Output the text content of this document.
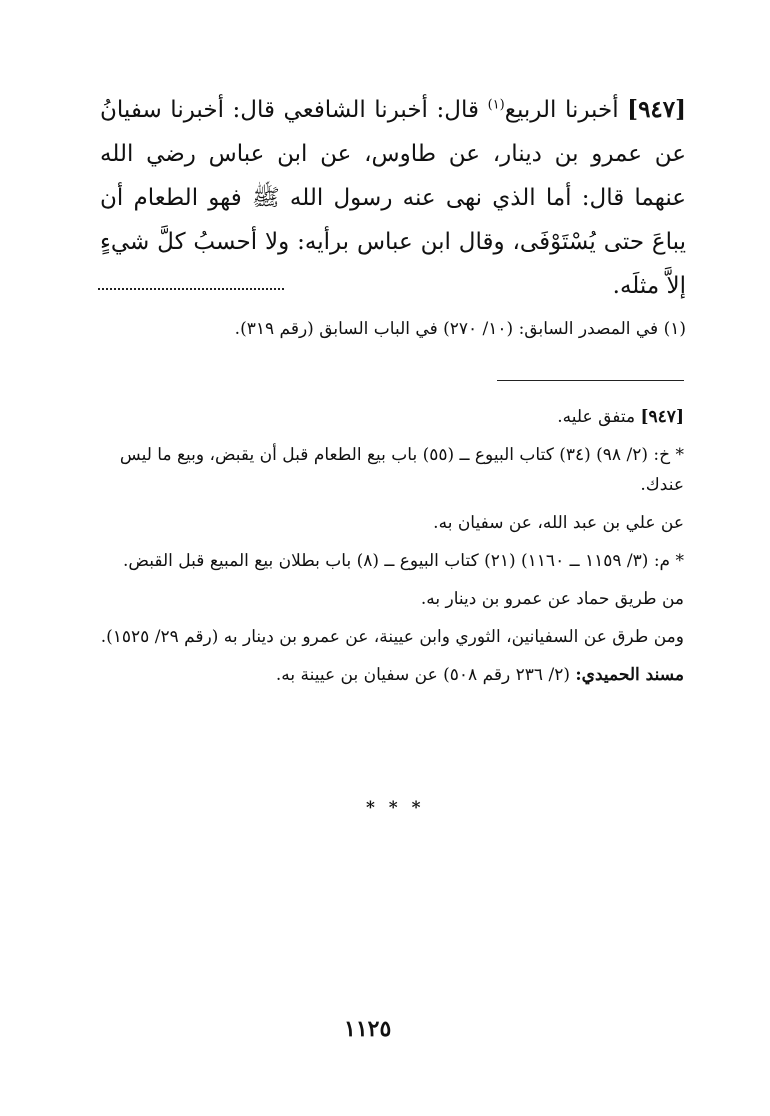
[٩٤٧] أخبرنا الربيع$^{(١)}$ قال: أخبرنا الشافعي قال: أخبرنا سفيانُ عن عمرو بن دينار، عن طاوس، عن ابن عباس رضي الله عنهما قال: أما الذي نهى عنه رسول الله ﷺ فهو الطعام أن يباعَ حتى يُسْتَوْفَى، وقال ابن عباس برأيه: ولا أحسبُ كلَّ شيءٍ إلاَّ مثلَه.

(١) في المصدر السابق: (١٠/ ٢٧٠) في الباب السابق (رقم ٣١٩).

[٩٤٧] متفق عليه.

* خ: (٢/ ٩٨) (٣٤) كتاب البيوع ــ (٥٥) باب بيع الطعام قبل أن يقبض، وبيع ما ليس عندك.

عن علي بن عبد الله، عن سفيان به.

* م: (٣/ ١١٥٩ ــ ١١٦٠) (٢١) كتاب البيوع ــ (٨) باب بطلان بيع المبيع قبل القبض.

من طريق حماد عن عمرو بن دينار به.

ومن طرق عن السفيانين، الثوري وابن عيينة، عن عمرو بن دينار به (رقم ٢٩/ ١٥٢٥).

مسند الحميدي: (٢/ ٢٣٦ رقم ٥٠٨) عن سفيان بن عيينة به.

* * *
١١٢٥
